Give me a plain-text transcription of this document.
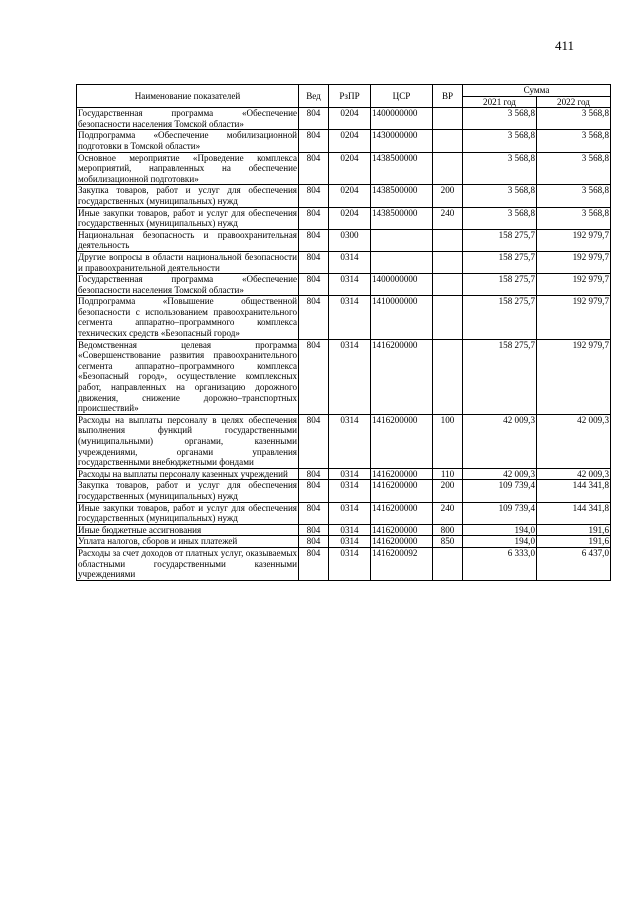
411
Наименование показателей	Вед	РзПР	ЦСР	ВР	Сумма	
					2021 год	2022 год
Государственная программа «Обеспечение безопасности населения Томской области»	804	0204	1400000000		3 568,8	3 568,8
Подпрограмма «Обеспечение мобилизационной подготовки в Томской области»	804	0204	1430000000		3 568,8	3 568,8
Основное мероприятие «Проведение комплекса мероприятий, направленных на обеспечение мобилизационной подготовки»	804	0204	1438500000		3 568,8	3 568,8
Закупка товаров, работ и услуг для обеспечения государственных (муниципальных) нужд	804	0204	1438500000	200	3 568,8	3 568,8
Иные закупки товаров, работ и услуг для обеспечения государственных (муниципальных) нужд	804	0204	1438500000	240	3 568,8	3 568,8
Национальная безопасность и правоохранительная деятельность	804	0300			158 275,7	192 979,7
Другие вопросы в области национальной безопасности и правоохранительной деятельности	804	0314			158 275,7	192 979,7
Государственная программа «Обеспечение безопасности населения Томской области»	804	0314	1400000000		158 275,7	192 979,7
Подпрограмма «Повышение общественной безопасности с использованием правоохранительного сегмента аппаратно–программного комплекса технических средств «Безопасный город»	804	0314	1410000000		158 275,7	192 979,7
Ведомственная целевая программа «Совершенствование развития правоохранительного сегмента аппаратно–программного комплекса «Безопасный город», осуществление комплексных работ, направленных на организацию дорожного движения, снижение дорожно–транспортных происшествий»	804	0314	1416200000		158 275,7	192 979,7
Расходы на выплаты персоналу в целях обеспечения выполнения функций государственными (муниципальными) органами, казенными учреждениями, органами управления государственными внебюджетными фондами	804	0314	1416200000	100	42 009,3	42 009,3
Расходы на выплаты персоналу казенных учреждений	804	0314	1416200000	110	42 009,3	42 009,3
Закупка товаров, работ и услуг для обеспечения государственных (муниципальных) нужд	804	0314	1416200000	200	109 739,4	144 341,8
Иные закупки товаров, работ и услуг для обеспечения государственных (муниципальных) нужд	804	0314	1416200000	240	109 739,4	144 341,8
Иные бюджетные ассигнования	804	0314	1416200000	800	194,0	191,6
Уплата налогов, сборов и иных платежей	804	0314	1416200000	850	194,0	191,6
Расходы за счет доходов от платных услуг, оказываемых областными государственными казенными учреждениями	804	0314	1416200092		6 333,0	6 437,0
